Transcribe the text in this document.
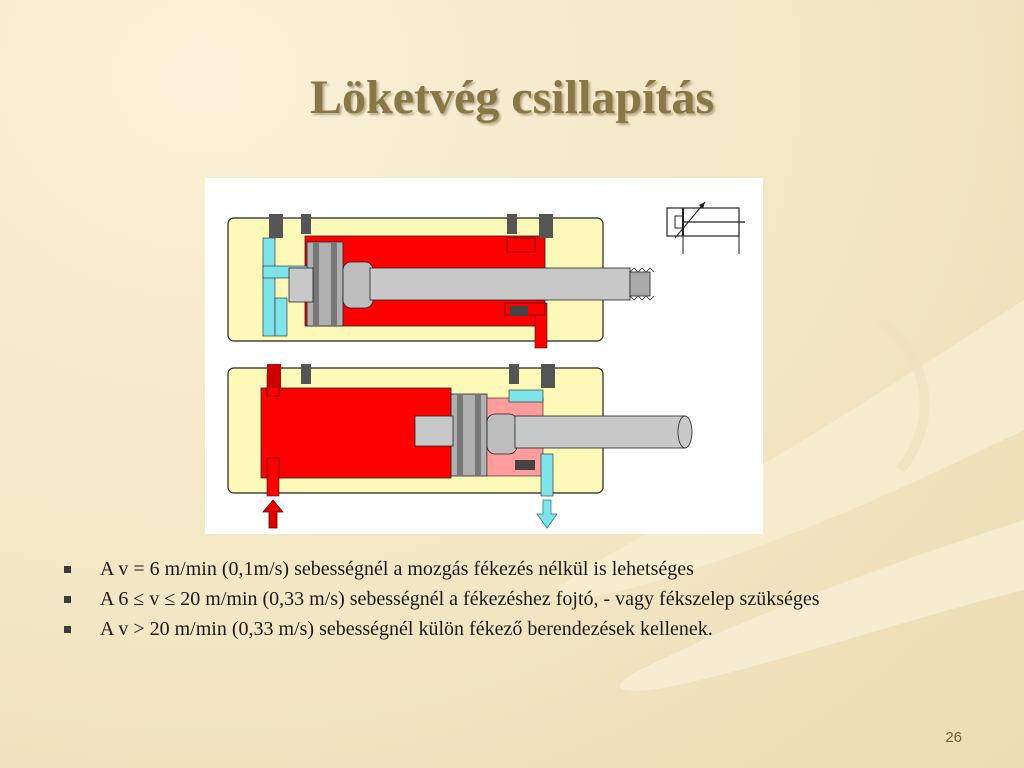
Löketvég csillapítás
A v = 6 m/min (0,1m/s) sebességnél a mozgás fékezés nélkül is lehetséges
A 6 ≤ v ≤ 20 m/min (0,33 m/s) sebességnél a fékezéshez fojtó, - vagy fékszelep szükséges
A v > 20 m/min (0,33 m/s) sebességnél külön fékező berendezések kellenek.
26
